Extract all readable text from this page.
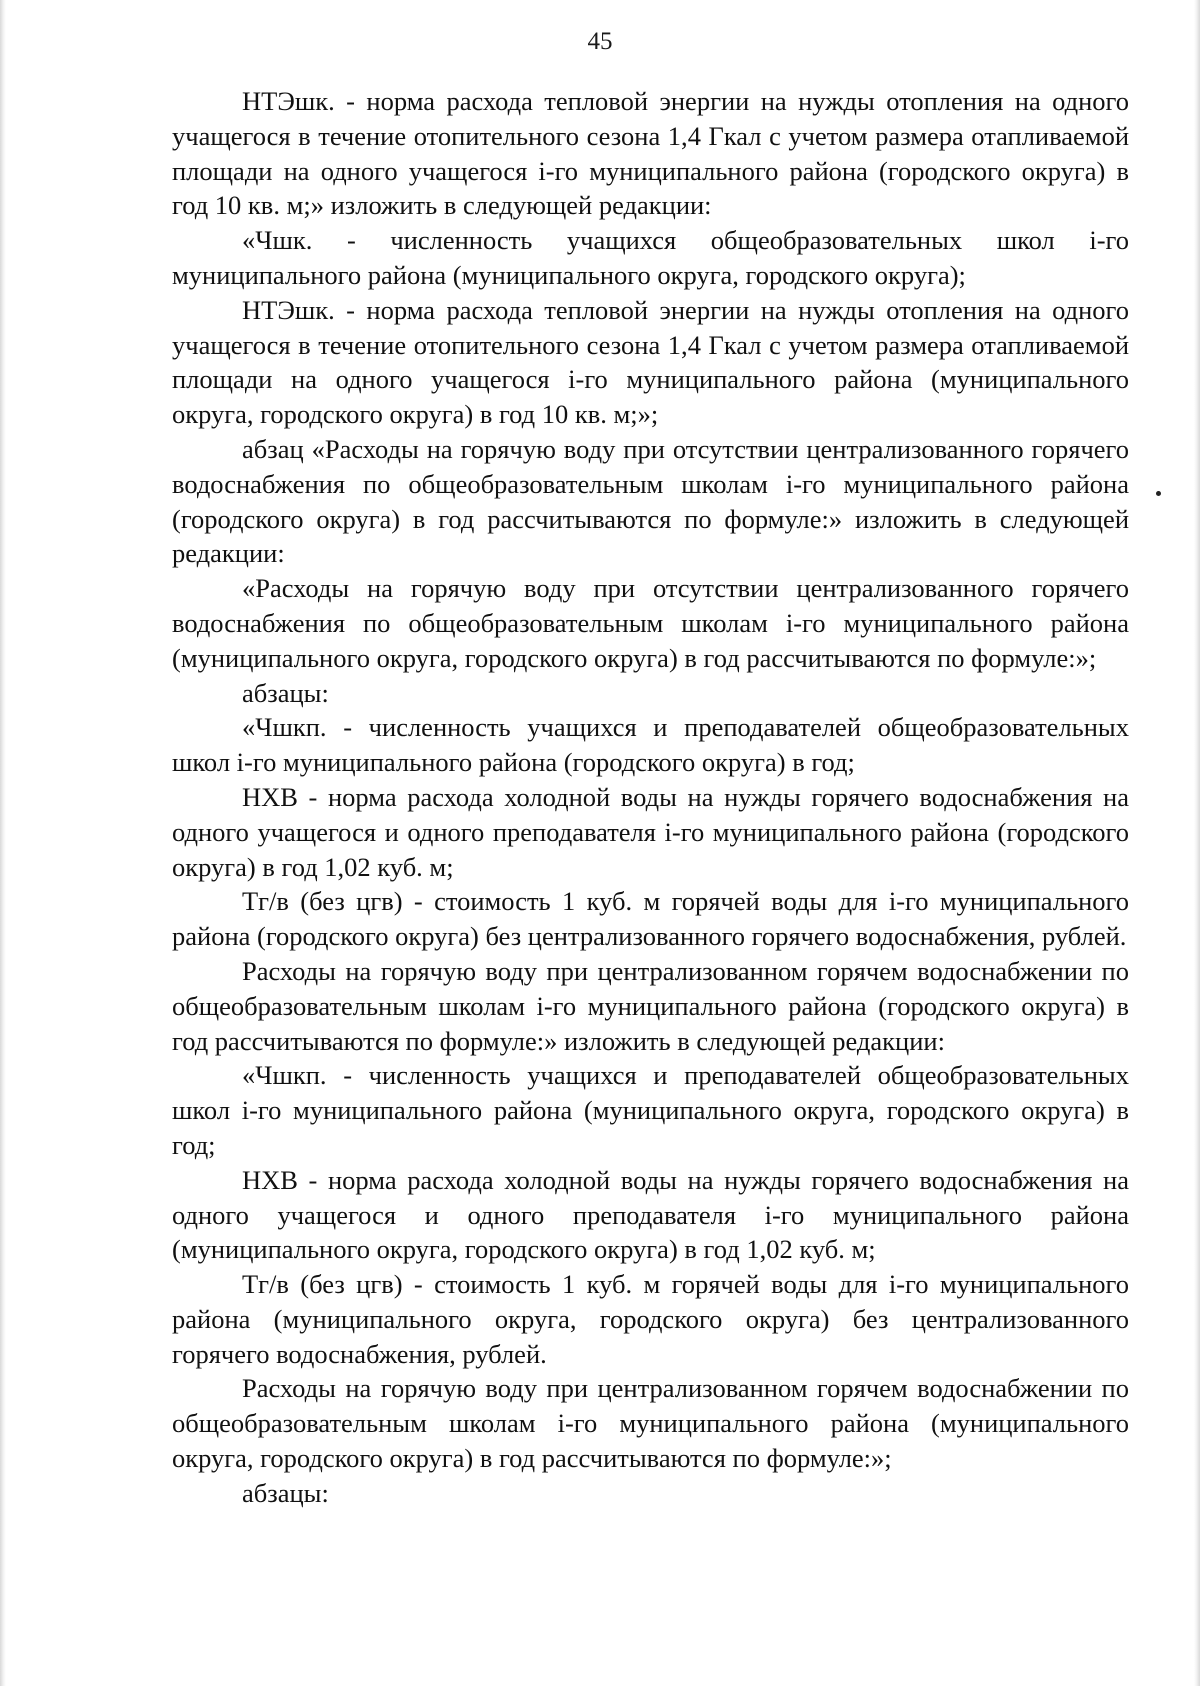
45

НТЭшк. - норма расхода тепловой энергии на нужды отопления на одного учащегося в течение отопительного сезона 1,4 Гкал с учетом размера отапливаемой площади на одного учащегося i-го муниципального района (городского округа) в год 10 кв. м;» изложить в следующей редакции:

«Чшк. - численность учащихся общеобразовательных школ i-го муниципального района (муниципального округа, городского округа);

НТЭшк. - норма расхода тепловой энергии на нужды отопления на одного учащегося в течение отопительного сезона 1,4 Гкал с учетом размера отапливаемой площади на одного учащегося i-го муниципального района (муниципального округа, городского округа) в год 10 кв. м;»;

абзац «Расходы на горячую воду при отсутствии централизованного горячего водоснабжения по общеобразовательным школам i-го муниципального района (городского округа) в год рассчитываются по формуле:» изложить в следующей редакции:

«Расходы на горячую воду при отсутствии централизованного горячего водоснабжения по общеобразовательным школам i-го муниципального района (муниципального округа, городского округа) в год рассчитываются по формуле:»;

абзацы:

«Чшкп. - численность учащихся и преподавателей общеобразовательных школ i-го муниципального района (городского округа) в год;

НХВ - норма расхода холодной воды на нужды горячего водоснабжения на одного учащегося и одного преподавателя i-го муниципального района (городского округа) в год 1,02 куб. м;

Тг/в (без цгв) - стоимость 1 куб. м горячей воды для i-го муниципального района (городского округа) без централизованного горячего водоснабжения, рублей.

Расходы на горячую воду при централизованном горячем водоснабжении по общеобразовательным школам i-го муниципального района (городского округа) в год рассчитываются по формуле:» изложить в следующей редакции:

«Чшкп. - численность учащихся и преподавателей общеобразовательных школ i-го муниципального района (муниципального округа, городского округа) в год;

НХВ - норма расхода холодной воды на нужды горячего водоснабжения на одного учащегося и одного преподавателя i-го муниципального района (муниципального округа, городского округа) в год 1,02 куб. м;

Тг/в (без цгв) - стоимость 1 куб. м горячей воды для i-го муниципального района (муниципального округа, городского округа) без централизованного горячего водоснабжения, рублей.

Расходы на горячую воду при централизованном горячем водоснабжении по общеобразовательным школам i-го муниципального района (муниципального округа, городского округа) в год рассчитываются по формуле:»;

абзацы:
